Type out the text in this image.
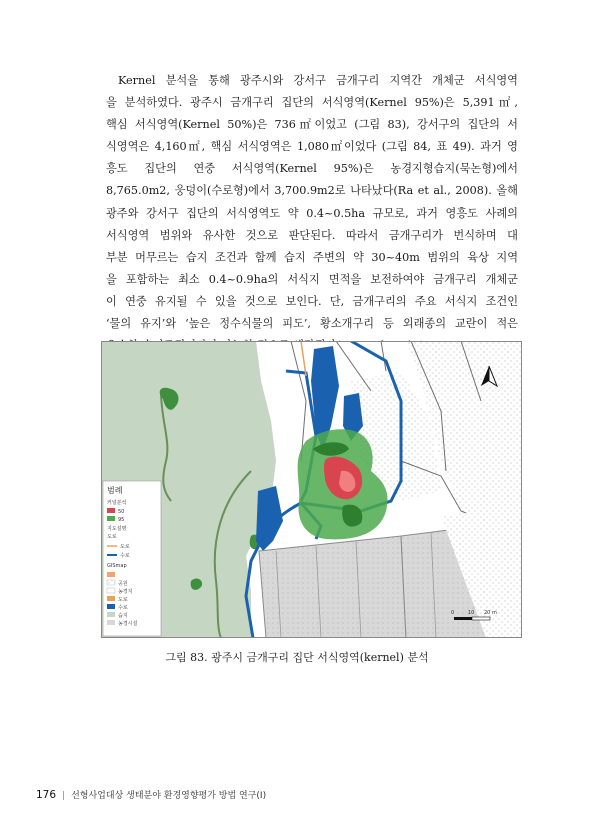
Kernel 분석을 통해 광주시와 강서구 금개구리 지역간 개체군 서식영역
을 분석하였다. 광주시 금개구리 집단의 서식영역(Kernel 95%)은 5,391㎡,
핵심 서식영역(Kernel 50%)은 736㎡이었고 (그림 83), 강서구의 집단의 서
식영역은 4,160㎡, 핵심 서식영역은 1,080㎡이었다 (그림 84, 표 49). 과거 영
흥도 집단의 연중 서식영역(Kernel 95%)은 농경지형습지(묵논형)에서
8,765.0m2, 웅덩이(수로형)에서 3,700.9m2로 나타났다(Ra et al., 2008). 올해
광주와 강서구 집단의 서식영역도 약 0.4~0.5ha 규모로, 과거 영흥도 사례의
서식영역 범위와 유사한 것으로 판단된다. 따라서 금개구리가 번식하며 대
부분 머무르는 습지 조건과 함께 습지 주변의 약 30~40m 범위의 육상 지역
을 포함하는 최소 0.4~0.9ha의 서식지 면적을 보전하여야 금개구리 개체군
이 연중 유지될 수 있을 것으로 보인다. 단, 금개구리의 주요 서식지 조건인
‘물의 유지’와 ‘높은 정수식물의 피도’, 황소개구리 등 외래종의 교란이 적은
범례
커널분석
50
95
지도설명
도로
도로
수로
GISmap
공원
농경지
도로
수로
습지
농경시설
0	10 20 m
그림 83. 광주시 금개구리 집단 서식영역(kernel) 분석
176 | 선형사업대상 생태분야 환경영향평가 방법 연구(Ⅰ)
